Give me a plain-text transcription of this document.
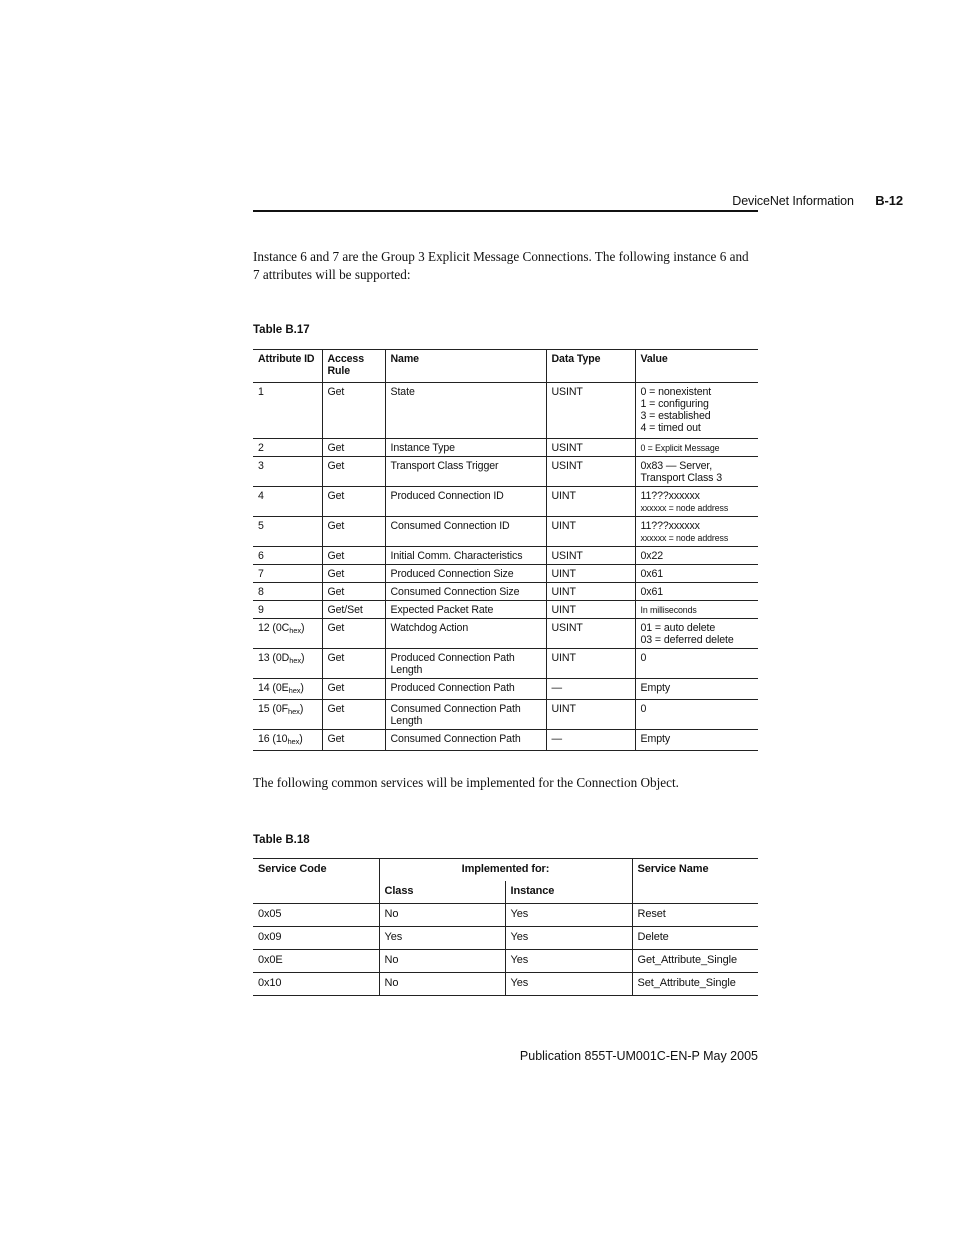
DeviceNet Information B-12
Instance 6 and 7 are the Group 3 Explicit Message Connections. The following instance 6 and 7 attributes will be supported:
Table B.17
Attribute ID	Access Rule	Name	Data Type	Value
1	Get	State	USINT	0 = nonexistent
1 = configuring
3 = established
4 = timed out

2	Get	Instance Type	USINT	0 = Explicit Message
3	Get	Transport Class Trigger	USINT	0x83 — Server,
Transport Class 3

4	Get	Produced Connection ID	UINT	11???xxxxxx
xxxxxx = node address

5	Get	Consumed Connection ID	UINT	11???xxxxxx
xxxxxx = node address

6	Get	Initial Comm. Characteristics	USINT	0x22
7	Get	Produced Connection Size	UINT	0x61
8	Get	Consumed Connection Size	UINT	0x61
9	Get/Set	Expected Packet Rate	UINT	In milliseconds
12 $(0C_{hex})$	Get	Watchdog Action	USINT	01 = auto delete
03 = deferred delete

13 $(0D_{hex})$	Get	Produced Connection Path
Length	UINT	0
14 $(0E_{hex})$	Get	Produced Connection Path	—	Empty
15 $(0F_{hex})$	Get	Consumed Connection Path
Length	UINT	0
16 $(10_{hex})$	Get	Consumed Connection Path	—	Empty
The following common services will be implemented for the Connection Object.
Table B.18
Service Code	Implemented for:		Service Name
	Class	Instance	
0x05	No	Yes	Reset
0x09	Yes	Yes	Delete
0x0E	No	Yes	Get_Attribute_Single
0x10	No	Yes	Set_Attribute_Single
Publication 855T-UM001C-EN-P May 2005
